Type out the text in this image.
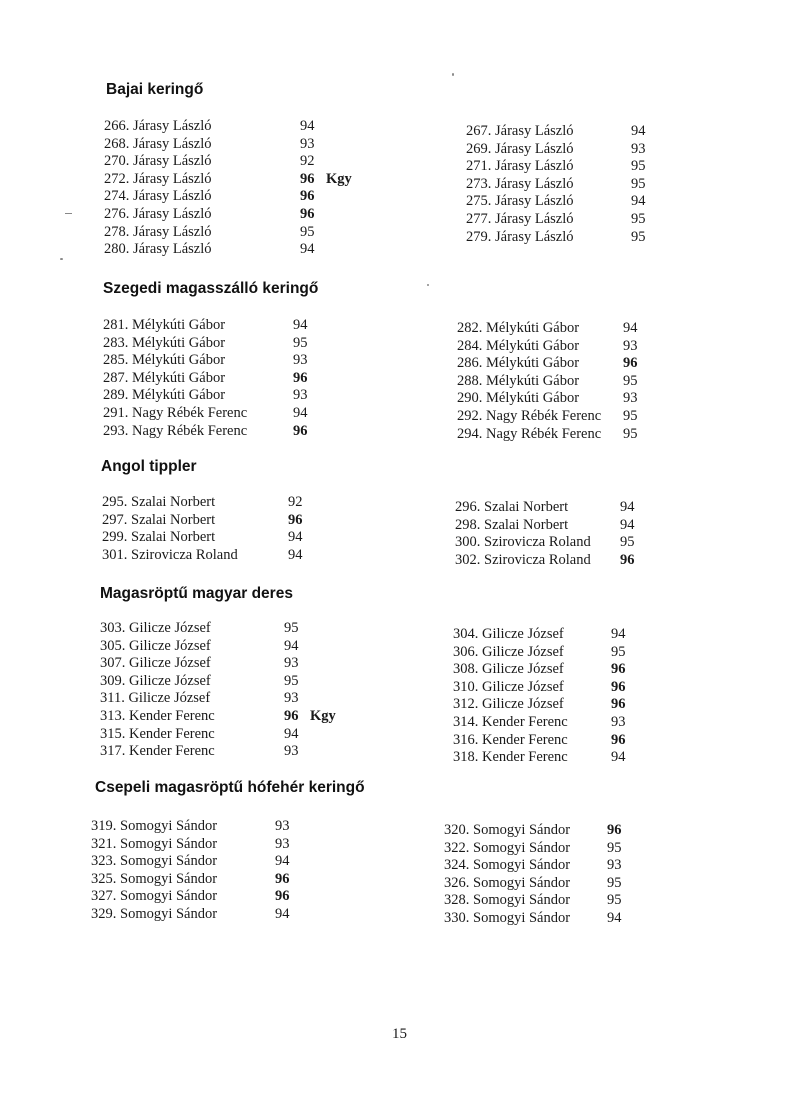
Bajai keringő
266. Járasy László	94
268. Járasy László	93
270. Járasy László	92
272. Járasy László	96 Kgy
274. Járasy László	96
276. Járasy László	96
278. Járasy László	95
280. Járasy László	94
267. Járasy László	94
269. Járasy László	93
271. Járasy László	95
273. Járasy László	95
275. Járasy László	94
277. Járasy László	95
279. Járasy László	95
Szegedi magasszálló keringő
281. Mélykúti Gábor	94
283. Mélykúti Gábor	95
285. Mélykúti Gábor	93
287. Mélykúti Gábor	96
289. Mélykúti Gábor	93
291. Nagy Rébék Ferenc	94
293. Nagy Rébék Ferenc	96
282. Mélykúti Gábor	94
284. Mélykúti Gábor	93
286. Mélykúti Gábor	96
288. Mélykúti Gábor	95
290. Mélykúti Gábor	93
292. Nagy Rébék Ferenc 95
294. Nagy Rébék Ferenc 95
Angol tippler
295. Szalai Norbert	92
297. Szalai Norbert	96
299. Szalai Norbert	94
301. Szirovicza Roland	94
296. Szalai Norbert	94
298. Szalai Norbert	94
300. Szirovicza Roland 95
302. Szirovicza Roland 96
Magasröptű magyar deres
303. Gilicze József	95
305. Gilicze József	94
307. Gilicze József	93
309. Gilicze József	95
311. Gilicze József	93
313. Kender Ferenc	96 Kgy
315. Kender Ferenc	94
317. Kender Ferenc	93
304. Gilicze József	94
306. Gilicze József	95
308. Gilicze József	96
310. Gilicze József	96
312. Gilicze József	96
314. Kender Ferenc	93
316. Kender Ferenc	96
318. Kender Ferenc	94
Csepeli magasröptű hófehér keringő
319. Somogyi Sándor	93
321. Somogyi Sándor	93
323. Somogyi Sándor	94
325. Somogyi Sándor	96
327. Somogyi Sándor	96
329. Somogyi Sándor	94
320. Somogyi Sándor	96
322. Somogyi Sándor	95
324. Somogyi Sándor	93
326. Somogyi Sándor	95
328. Somogyi Sándor	95
330. Somogyi Sándor	94
15
